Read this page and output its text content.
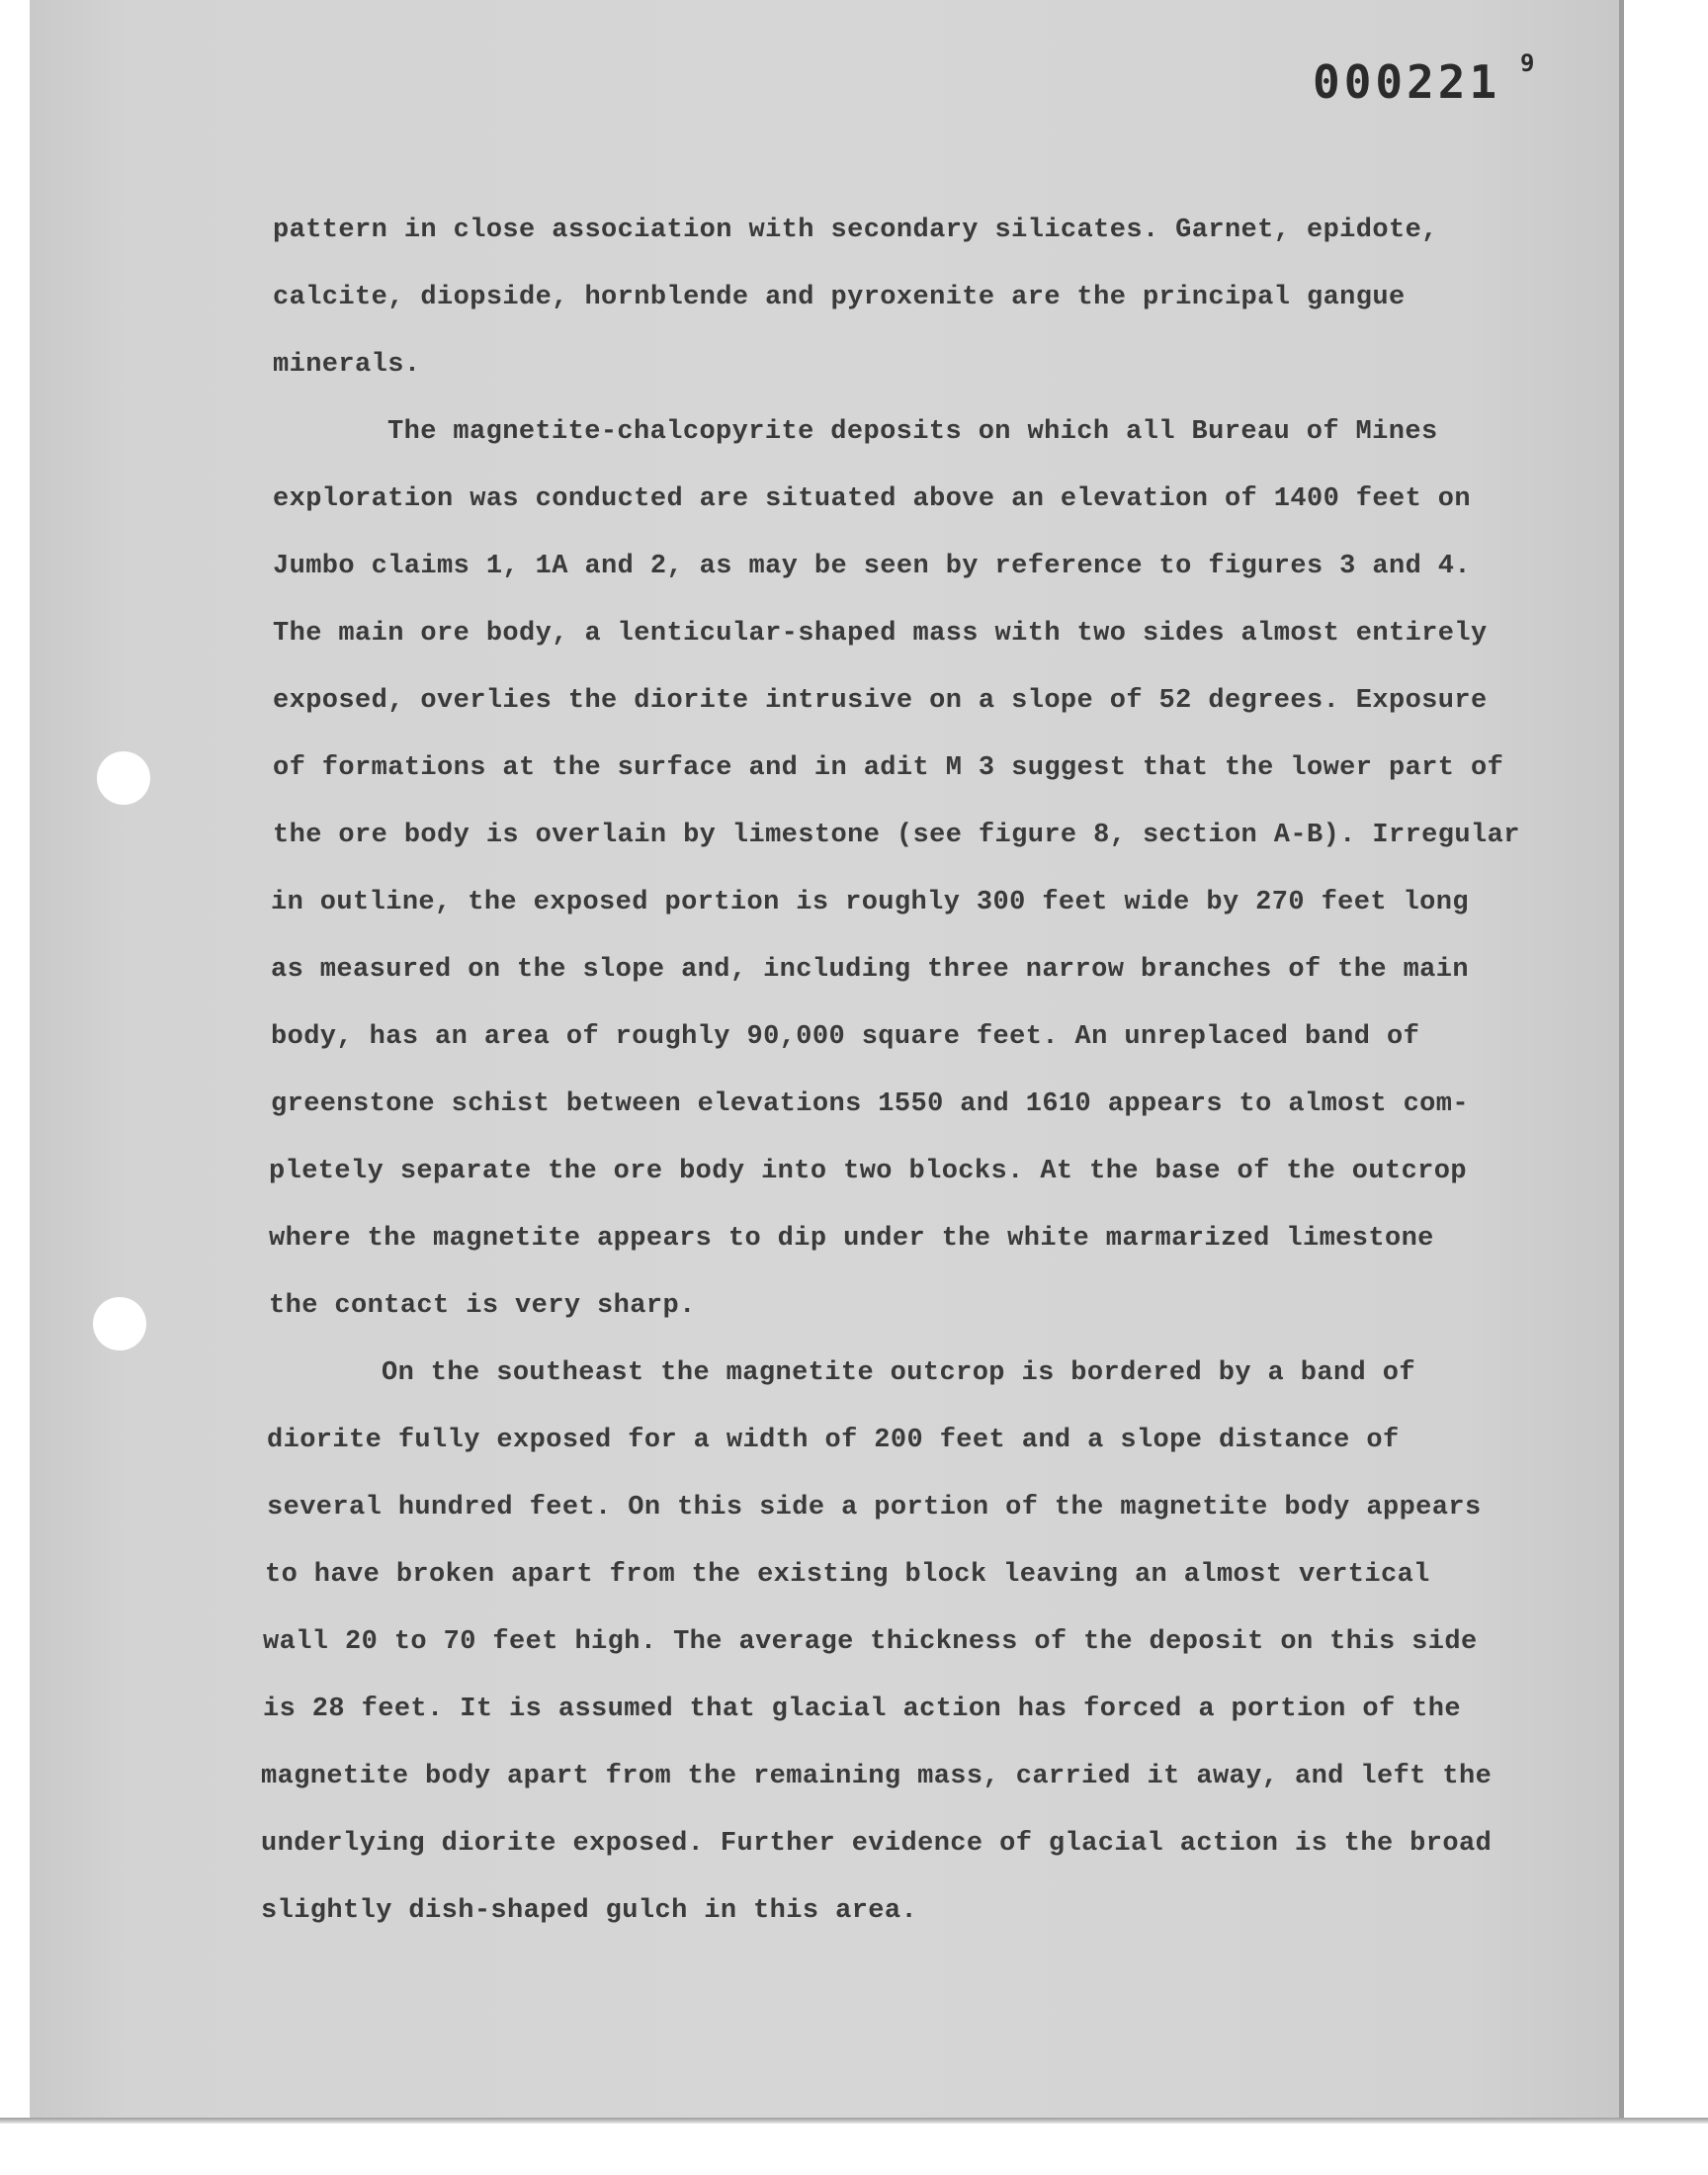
000221 9

pattern in close association with secondary silicates. Garnet, epidote,

calcite, diopside, hornblende and pyroxenite are the principal gangue

minerals.

The magnetite-chalcopyrite deposits on which all Bureau of Mines

exploration was conducted are situated above an elevation of 1400 feet on

Jumbo claims 1, 1A and 2, as may be seen by reference to figures 3 and 4.

The main ore body, a lenticular-shaped mass with two sides almost entirely

exposed, overlies the diorite intrusive on a slope of 52 degrees. Exposure

of formations at the surface and in adit M 3 suggest that the lower part of

the ore body is overlain by limestone (see figure 8, section A-B). Irregular

in outline, the exposed portion is roughly 300 feet wide by 270 feet long

as measured on the slope and, including three narrow branches of the main

body, has an area of roughly 90,000 square feet. An unreplaced band of

greenstone schist between elevations 1550 and 1610 appears to almost com-

pletely separate the ore body into two blocks. At the base of the outcrop

where the magnetite appears to dip under the white marmarized limestone

the contact is very sharp.

On the southeast the magnetite outcrop is bordered by a band of

diorite fully exposed for a width of 200 feet and a slope distance of

several hundred feet. On this side a portion of the magnetite body appears

to have broken apart from the existing block leaving an almost vertical

wall 20 to 70 feet high. The average thickness of the deposit on this side

is 28 feet. It is assumed that glacial action has forced a portion of the

magnetite body apart from the remaining mass, carried it away, and left the

underlying diorite exposed. Further evidence of glacial action is the broad

slightly dish-shaped gulch in this area.
